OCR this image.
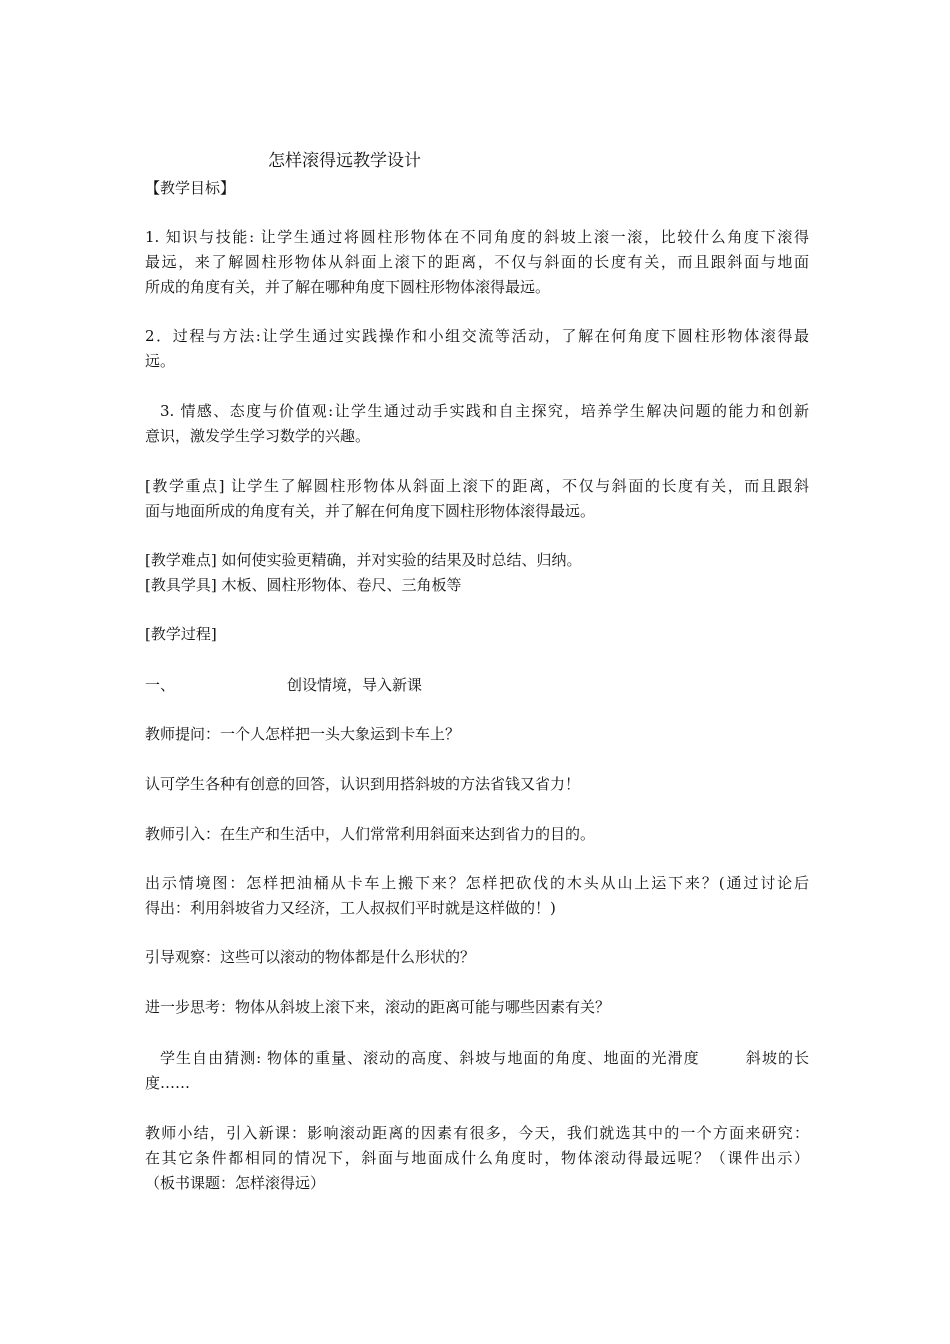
怎样滚得远教学设计
【教学目标】
1. 知识与技能: 让学生通过将圆柱形物体在不同角度的斜坡上滚一滚，比较什么角度下滚得
最远，来了解圆柱形物体从斜面上滚下的距离，不仅与斜面的长度有关，而且跟斜面与地面
所成的角度有关，并了解在哪种角度下圆柱形物体滚得最远。
2．过程与方法:让学生通过实践操作和小组交流等活动，了解在何角度下圆柱形物体滚得最
远。
3. 情感、态度与价值观:让学生通过动手实践和自主探究，培养学生解决问题的能力和创新
意识，激发学生学习数学的兴趣。
[教学重点] 让学生了解圆柱形物体从斜面上滚下的距离，不仅与斜面的长度有关，而且跟斜
面与地面所成的角度有关，并了解在何角度下圆柱形物体滚得最远。
[教学难点] 如何使实验更精确，并对实验的结果及时总结、归纳。
[教具学具] 木板、圆柱形物体、卷尺、三角板等
[教学过程]
一、	创设情境，导入新课
教师提问：一个人怎样把一头大象运到卡车上？
认可学生各种有创意的回答，认识到用搭斜坡的方法省钱又省力！
教师引入：在生产和生活中，人们常常利用斜面来达到省力的目的。
出示情境图：怎样把油桶从卡车上搬下来？怎样把砍伐的木头从山上运下来？(通过讨论后
得出：利用斜坡省力又经济，工人叔叔们平时就是这样做的！)
引导观察：这些可以滚动的物体都是什么形状的？
进一步思考：物体从斜坡上滚下来，滚动的距离可能与哪些因素有关？
学生自由猜测: 物体的重量、滚动的高度、斜坡与地面的角度、地面的光滑度        斜坡的长
度……
教师小结，引入新课：影响滚动距离的因素有很多，今天，我们就选其中的一个方面来研究：
在其它条件都相同的情况下，斜面与地面成什么角度时，物体滚动得最远呢？（课件出示）
（板书课题：怎样滚得远）
